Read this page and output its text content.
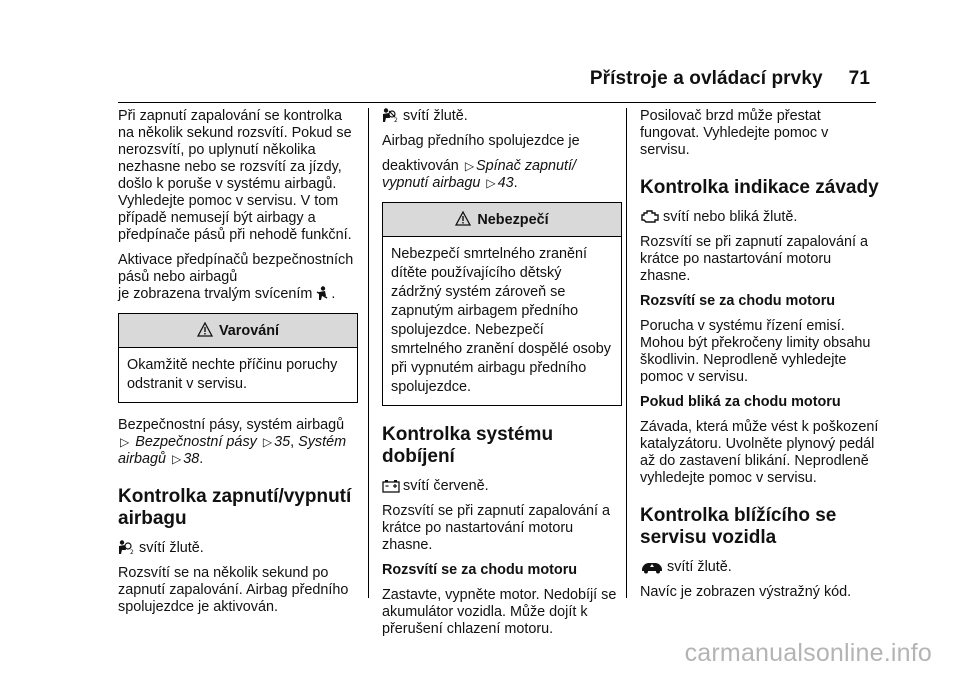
Přístroje a ovládací prvky 71

Při zapnutí zapalování se kontrolka na několik sekund rozsvítí. Pokud se nerozsvítí, po uplynutí několika nezhasne nebo se rozsvítí za jízdy, došlo k poruše v systému airbagů. Vyhledejte pomoc v servisu. V tom případě nemusejí být airbagy a předpínače pásů při nehodě funkční.

Aktivace předpínačů bezpečnostních pásů nebo airbagů
je zobrazena trvalým svícením .

Varování
Okamžitě nechte příčinu poruchy odstranit v servisu.

Bezpečnostní pásy, systém airbagů
▷ Bezpečnostní pásy ▷ 35, Systém airbagů ▷ 38.

Kontrolka zapnutí/vypnutí airbagu

2 svítí žlutě.

Rozsvítí se na několik sekund po zapnutí zapalování. Airbag předního spolujezdce je aktivován.

2 svítí žlutě.

Airbag předního spolujezdce je

deaktivován ▷ Spínač zapnutí/ vypnutí airbagu ▷ 43.

Nebezpečí
Nebezpečí smrtelného zranění dítěte používajícího dětský zádržný systém zároveň se zapnutým airbagem předního spolujezdce. Nebezpečí smrtelného zranění dospělé osoby při vypnutém airbagu předního spolujezdce.
Kontrolka systému dobíjení

svítí červeně.

Rozsvítí se při zapnutí zapalování a krátce po nastartování motoru zhasne.

Rozsvítí se za chodu motoru

Zastavte, vypněte motor. Nedobíjí se akumulátor vozidla. Může dojít k přerušení chlazení motoru.

Posilovač brzd může přestat fungovat. Vyhledejte pomoc v servisu.

Kontrolka indikace závady

svítí nebo bliká žlutě.

Rozsvítí se při zapnutí zapalování a krátce po nastartování motoru zhasne.

Rozsvítí se za chodu motoru

Porucha v systému řízení emisí. Mohou být překročeny limity obsahu škodlivin. Neprodleně vyhledejte pomoc v servisu.

Pokud bliká za chodu motoru

Závada, která může vést k poškození katalyzátoru. Uvolněte plynový pedál až do zastavení blikání. Neprodleně vyhledejte pomoc v servisu.

Kontrolka blížícího se servisu vozidla

svítí žlutě.

Navíc je zobrazen výstražný kód.

carmanualsonline.info
